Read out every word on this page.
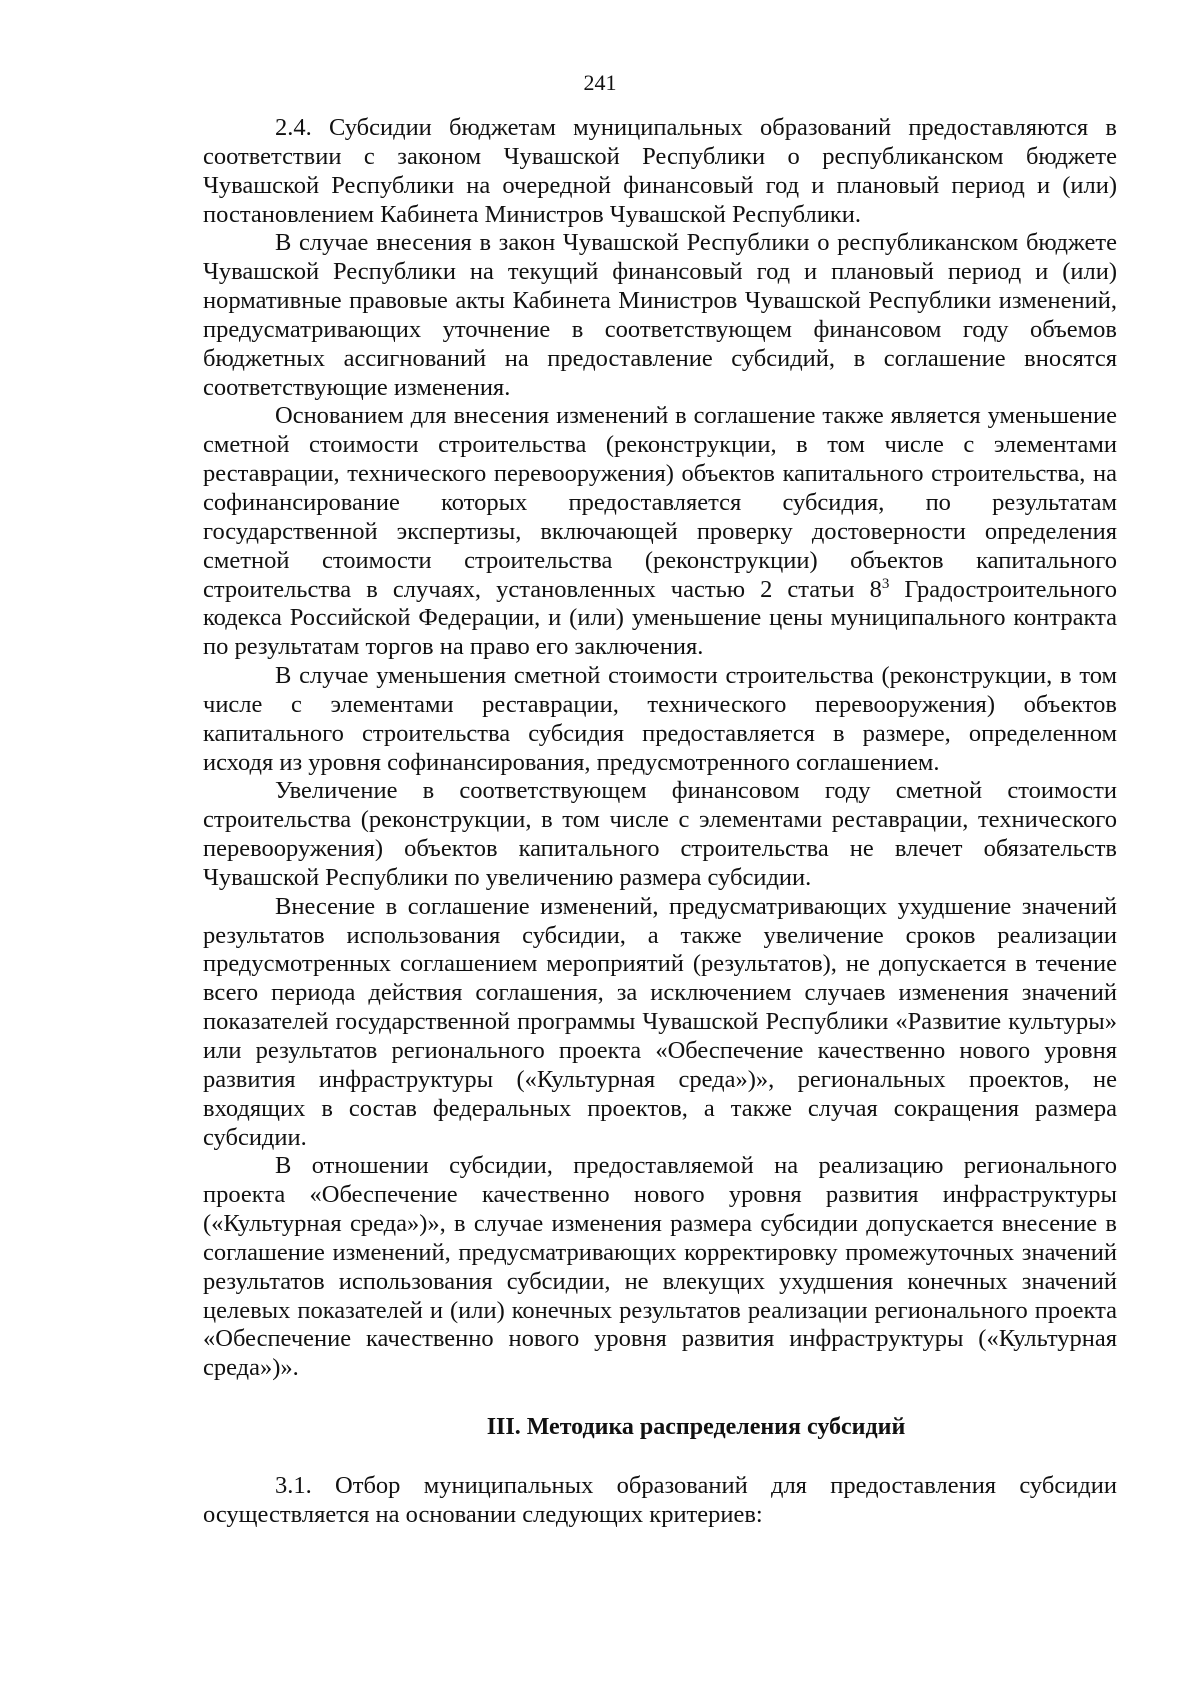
241

2.4. Субсидии бюджетам муниципальных образований предоставляются в соответствии с законом Чувашской Республики о республиканском бюджете Чувашской Республики на очередной финансовый год и плановый период и (или) постановлением Кабинета Министров Чувашской Республики.

В случае внесения в закон Чувашской Республики о республиканском бюджете Чувашской Республики на текущий финансовый год и плановый период и (или) нормативные правовые акты Кабинета Министров Чувашской Республики изменений, предусматривающих уточнение в соответствующем финансовом году объемов бюджетных ассигнований на предоставление субсидий, в соглашение вносятся соответствующие изменения.

Основанием для внесения изменений в соглашение также является уменьшение сметной стоимости строительства (реконструкции, в том числе с элементами реставрации, технического перевооружения) объектов капитального строительства, на софинансирование которых предоставляется субсидия, по результатам государственной экспертизы, включающей проверку достоверности определения сметной стоимости строительства (реконструкции) объектов капитального строительства в случаях, установленных частью 2 статьи $8^3$ Градостроительного кодекса Российской Федерации, и (или) уменьшение цены муниципального контракта по результатам торгов на право его заключения.

В случае уменьшения сметной стоимости строительства (реконструкции, в том числе с элементами реставрации, технического перевооружения) объектов капитального строительства субсидия предоставляется в размере, определенном исходя из уровня софинансирования, предусмотренного соглашением.

Увеличение в соответствующем финансовом году сметной стоимости строительства (реконструкции, в том числе с элементами реставрации, технического перевооружения) объектов капитального строительства не влечет обязательств Чувашской Республики по увеличению размера субсидии.

Внесение в соглашение изменений, предусматривающих ухудшение значений результатов использования субсидии, а также увеличение сроков реализации предусмотренных соглашением мероприятий (результатов), не допускается в течение всего периода действия соглашения, за исключением случаев изменения значений показателей государственной программы Чувашской Республики «Развитие культуры» или результатов регионального проекта «Обеспечение качественно нового уровня развития инфраструктуры («Культурная среда»)», региональных проектов, не входящих в состав федеральных проектов, а также случая сокращения размера субсидии.

В отношении субсидии, предоставляемой на реализацию регионального проекта «Обеспечение качественно нового уровня развития инфраструктуры («Культурная среда»)», в случае изменения размера субсидии допускается внесение в соглашение изменений, предусматривающих корректировку промежуточных значений результатов использования субсидии, не влекущих ухудшения конечных значений целевых показателей и (или) конечных результатов реализации регионального проекта «Обеспечение качественно нового уровня развития инфраструктуры («Культурная среда»)».

III. Методика распределения субсидий

3.1. Отбор муниципальных образований для предоставления субсидии осуществляется на основании следующих критериев:
